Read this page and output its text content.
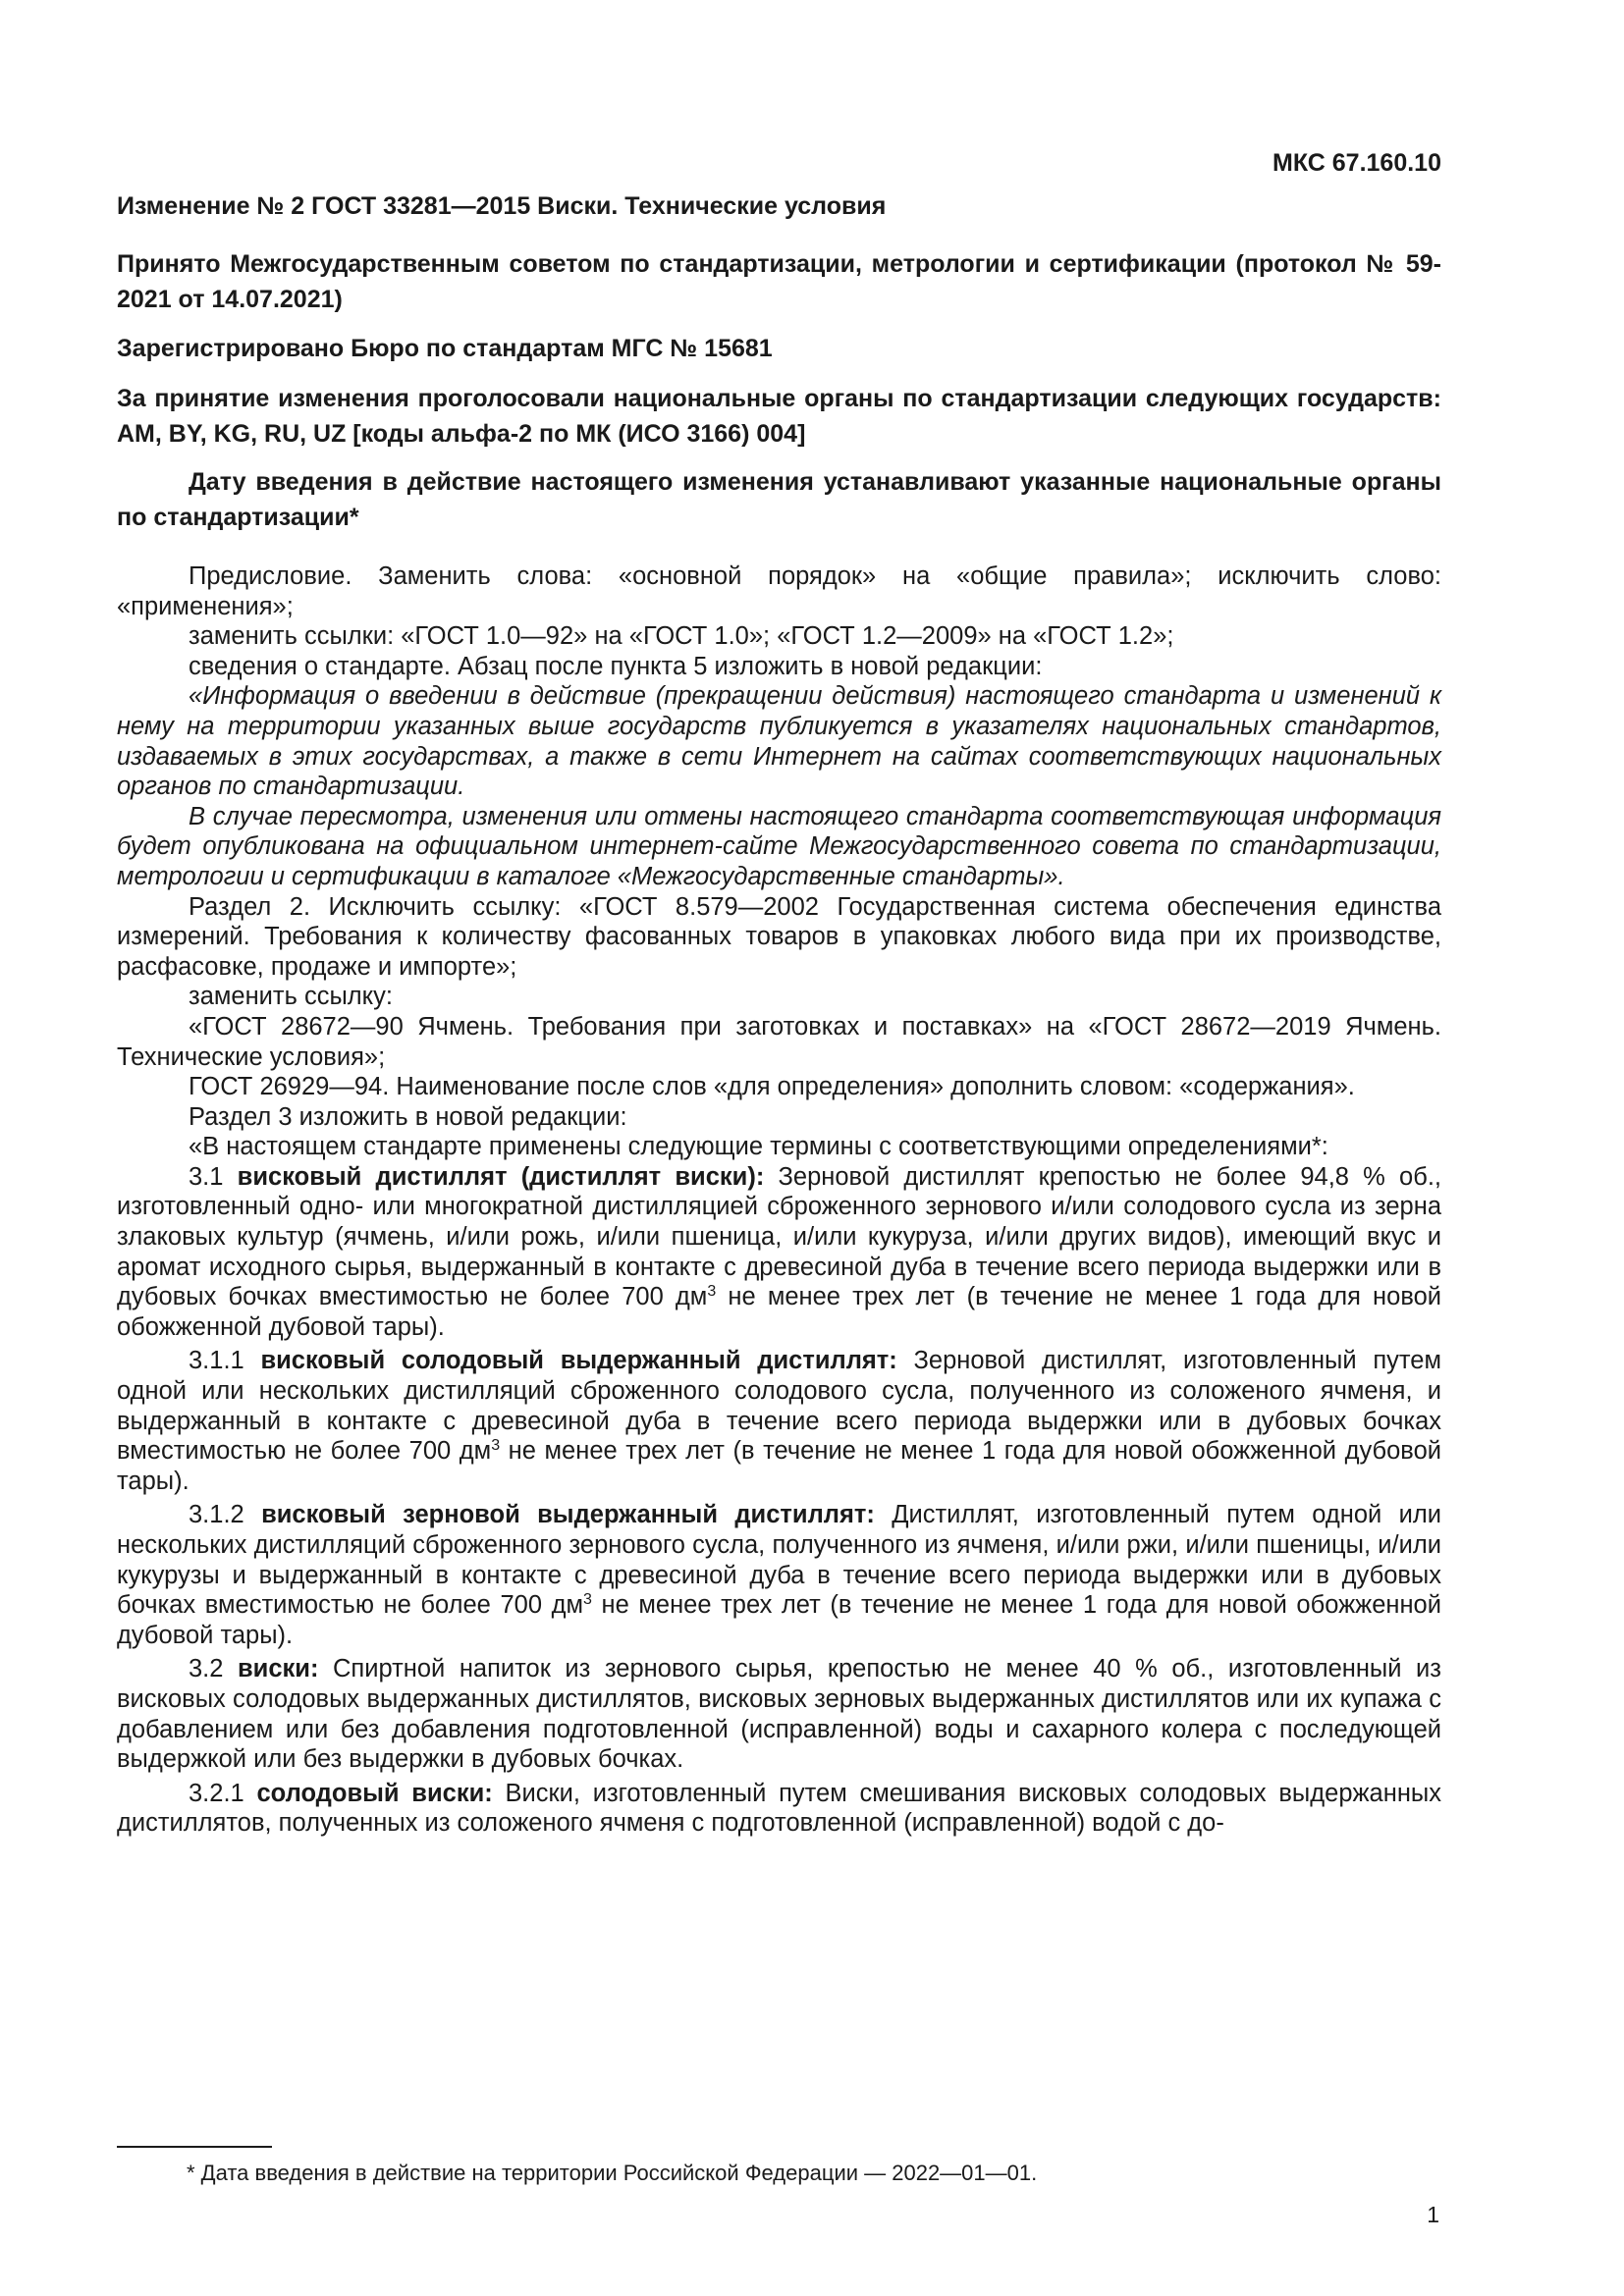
МКС 67.160.10
Изменение № 2 ГОСТ 33281—2015 Виски. Технические условия
Принято Межгосударственным советом по стандартизации, метрологии и сертификации (протокол № 59-2021 от 14.07.2021)
Зарегистрировано Бюро по стандартам МГС № 15681
За принятие изменения проголосовали национальные органы по стандартизации следующих государств: AM, BY, KG, RU, UZ [коды альфа-2 по МК (ИСО 3166) 004]
Дату введения в действие настоящего изменения устанавливают указанные национальные органы по стандартизации*

Предисловие. Заменить слова: «основной порядок» на «общие правила»; исключить слово: «применения»;

заменить ссылки: «ГОСТ 1.0—92» на «ГОСТ 1.0»; «ГОСТ 1.2—2009» на «ГОСТ 1.2»;

сведения о стандарте. Абзац после пункта 5 изложить в новой редакции:

«Информация о введении в действие (прекращении действия) настоящего стандарта и изменений к нему на территории указанных выше государств публикуется в указателях национальных стандартов, издаваемых в этих государствах, а также в сети Интернет на сайтах соответствующих национальных органов по стандартизации.

В случае пересмотра, изменения или отмены настоящего стандарта соответствующая информация будет опубликована на официальном интернет-сайте Межгосударственного совета по стандартизации, метрологии и сертификации в каталоге «Межгосударственные стандарты».

Раздел 2. Исключить ссылку: «ГОСТ 8.579—2002 Государственная система обеспечения единства измерений. Требования к количеству фасованных товаров в упаковках любого вида при их производстве, расфасовке, продаже и импорте»;

заменить ссылку:

«ГОСТ 28672—90 Ячмень. Требования при заготовках и поставках» на «ГОСТ 28672—2019 Ячмень. Технические условия»;

ГОСТ 26929—94. Наименование после слов «для определения» дополнить словом: «содержания».

Раздел 3 изложить в новой редакции:

«В настоящем стандарте применены следующие термины с соответствующими определениями*:

3.1 висковый дистиллят (дистиллят виски): Зерновой дистиллят крепостью не более 94,8 % об., изготовленный одно- или многократной дистилляцией сброженного зернового и/или солодового сусла из зерна злаковых культур (ячмень, и/или рожь, и/или пшеница, и/или кукуруза, и/или других видов), имеющий вкус и аромат исходного сырья, выдержанный в контакте с древесиной дуба в течение всего периода выдержки или в дубовых бочках вместимостью не более 700 $дм^3$ не менее трех лет (в течение не менее 1 года для новой обожженной дубовой тары).

3.1.1 висковый солодовый выдержанный дистиллят: Зерновой дистиллят, изготовленный путем одной или нескольких дистилляций сброженного солодового сусла, полученного из соложеного ячменя, и выдержанный в контакте с древесиной дуба в течение всего периода выдержки или в дубовых бочках вместимостью не более 700 $дм^3$ не менее трех лет (в течение не менее 1 года для новой обожженной дубовой тары).

3.1.2 висковый зерновой выдержанный дистиллят: Дистиллят, изготовленный путем одной или нескольких дистилляций сброженного зернового сусла, полученного из ячменя, и/или ржи, и/или пшеницы, и/или кукурузы и выдержанный в контакте с древесиной дуба в течение всего периода выдержки или в дубовых бочках вместимостью не более 700 $дм^3$ не менее трех лет (в течение не менее 1 года для новой обожженной дубовой тары).

3.2 виски: Спиртной напиток из зернового сырья, крепостью не менее 40 % об., изготовленный из висковых солодовых выдержанных дистиллятов, висковых зерновых выдержанных дистиллятов или их купажа с добавлением или без добавления подготовленной (исправленной) воды и сахарного колера с последующей выдержкой или без выдержки в дубовых бочках.

3.2.1 солодовый виски: Виски, изготовленный путем смешивания висковых солодовых выдержанных дистиллятов, полученных из соложеного ячменя с подготовленной (исправленной) водой с до-

* Дата введения в действие на территории Российской Федерации — 2022—01—01.
1
